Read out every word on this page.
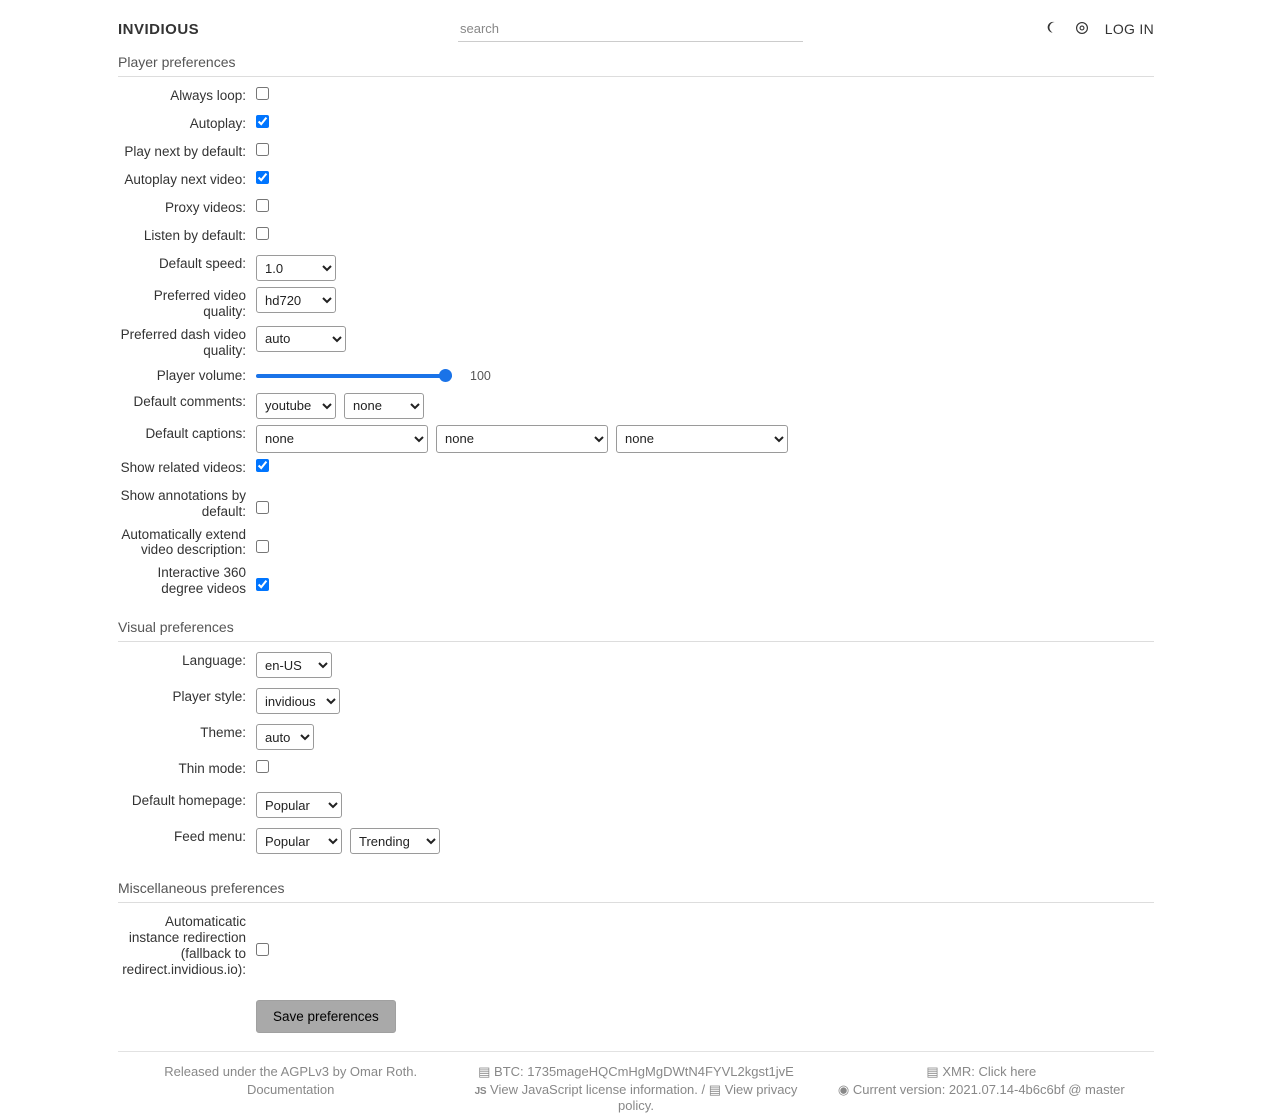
INVIDIOUS
search	LOG IN
Player preferences
Always loop:
Autoplay:
Play next by default:
Autoplay next video:
Proxy videos:
Listen by default:
Default speed:
1.0
Preferred video quality:
hd720
Preferred dash video quality:
auto
Player volume:	100
Default comments:
youtube
none
Default captions:
none
none
none
Show related videos:
Show annotations by default:
Automatically extend video description:
Interactive 360 degree videos
Visual preferences
Language:
en-US
Player style:
invidious
Theme:
auto
Thin mode:
Default homepage:
Popular
Feed menu:
Popular
Trending
Miscellaneous preferences
Automaticatic instance redirection (fallback to redirect.invidious.io):
Save preferences
Released under the AGPLv3 by Omar Roth.
Documentation
▤ BTC: 1735mageHQCmHgMgDWtN4FYVL2kgst1jvE
JS View JavaScript license information. / ▤ View privacy policy.
▤ XMR: Click here
◉ Current version: 2021.07.14-4b6c6bf @ master
